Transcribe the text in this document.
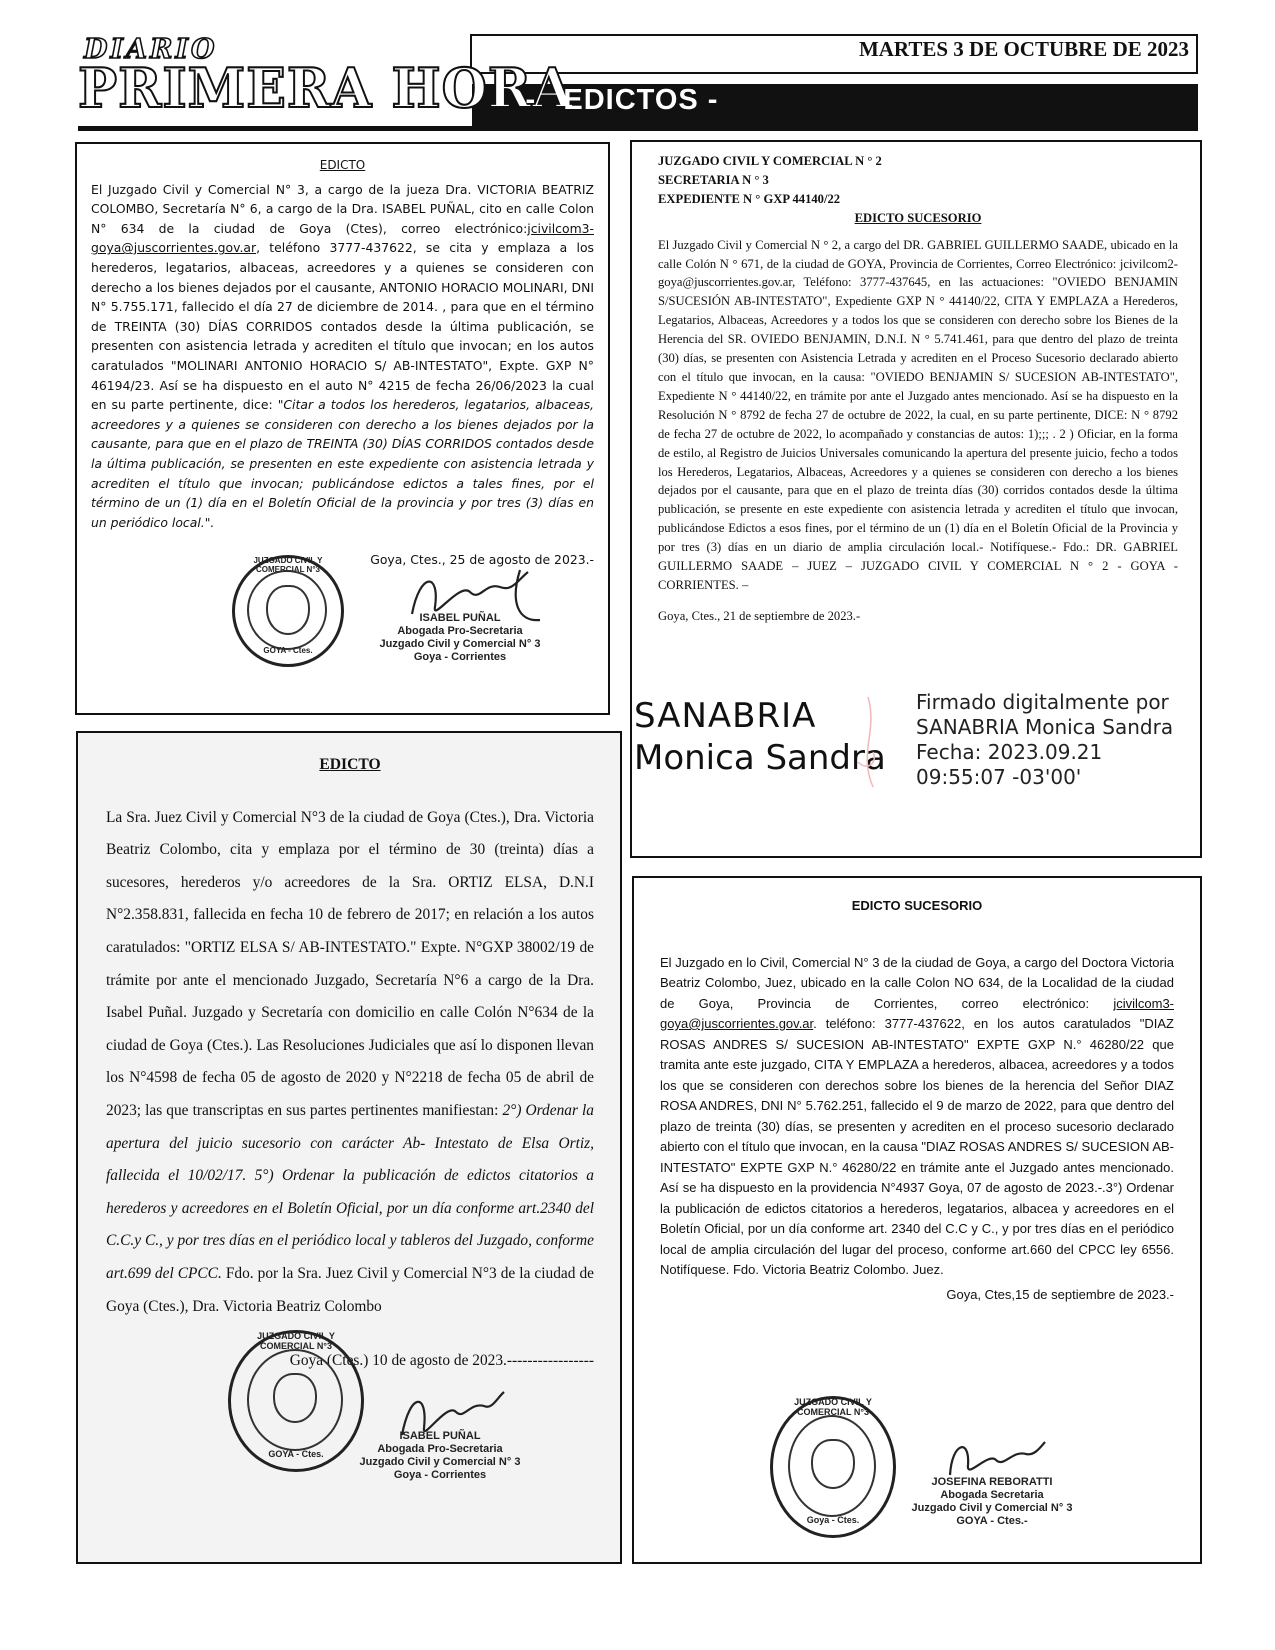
DIARIO
PRIMERA HORA
MARTES 3 DE OCTUBRE DE 2023
-   EDICTOS -

EDICTO

El Juzgado Civil y Comercial N° 3, a cargo de la jueza Dra. VICTORIA BEATRIZ COLOMBO, Secretaría N° 6, a cargo de la Dra. ISABEL PUÑAL, cito en calle Colon N° 634 de la ciudad de Goya (Ctes), correo electrónico:jcivilcom3-goya@juscorrientes.gov.ar, teléfono 3777-437622, se cita y emplaza a los herederos, legatarios, albaceas, acreedores y a quienes se consideren con derecho a los bienes dejados por el causante, ANTONIO HORACIO MOLINARI, DNI N° 5.755.171, fallecido el día 27 de diciembre de 2014. , para que en el término de TREINTA (30) DÍAS CORRIDOS contados desde la última publicación, se presenten con asistencia letrada y acrediten el título que invocan; en los autos caratulados "MOLINARI ANTONIO HORACIO S/ AB-INTESTATO", Expte. GXP N° 46194/23. Así se ha dispuesto en el auto N° 4215 de fecha 26/06/2023 la cual en su parte pertinente, dice: "Citar a todos los herederos, legatarios, albaceas, acreedores y a quienes se consideren con derecho a los bienes dejados por la causante, para que en el plazo de TREINTA (30) DÍAS CORRIDOS contados desde la última publicación, se presenten en este expediente con asistencia letrada y acrediten el título que invocan; publicándose edictos a tales fines, por el término de un (1) día en el Boletín Oficial de la provincia y por tres (3) días en un periódico local.".

Goya, Ctes., 25 de agosto de 2023.-

JUZGADO CIVIL Y COMERCIAL N°3
GOYA - Ctes.
ISABEL PUÑAL
Abogada Pro-Secretaria
Juzgado Civil y Comercial N° 3
Goya - Corrientes
JUZGADO CIVIL Y COMERCIAL N ° 2
SECRETARIA N ° 3
EXPEDIENTE N ° GXP 44140/22

EDICTO SUCESORIO

El Juzgado Civil y Comercial N ° 2, a cargo del DR. GABRIEL GUILLERMO SAADE, ubicado en la calle Colón N ° 671, de la ciudad de GOYA, Provincia de Corrientes, Correo Electrónico: jcivilcom2-goya@juscorrientes.gov.ar, Teléfono: 3777-437645, en las actuaciones: "OVIEDO BENJAMIN S/SUCESIÓN AB-INTESTATO", Expediente GXP N ° 44140/22, CITA Y EMPLAZA a Herederos, Legatarios, Albaceas, Acreedores y a todos los que se consideren con derecho sobre los Bienes de la Herencia del SR. OVIEDO BENJAMIN, D.N.I. N ° 5.741.461, para que dentro del plazo de treinta (30) días, se presenten con Asistencia Letrada y acrediten en el Proceso Sucesorio declarado abierto con el título que invocan, en la causa: "OVIEDO BENJAMIN S/ SUCESION AB-INTESTATO", Expediente N ° 44140/22, en trámite por ante el Juzgado antes mencionado. Así se ha dispuesto en la Resolución N ° 8792 de fecha 27 de octubre de 2022, la cual, en su parte pertinente, DICE: N ° 8792 de fecha 27 de octubre de 2022, lo acompañado y constancias de autos: 1);;; . 2 ) Oficiar, en la forma de estilo, al Registro de Juicios Universales comunicando la apertura del presente juicio, fecho a todos los Herederos, Legatarios, Albaceas, Acreedores y a quienes se consideren con derecho a los bienes dejados por el causante, para que en el plazo de treinta días (30) corridos contados desde la última publicación, se presente en este expediente con asistencia letrada y acrediten el título que invocan, publicándose Edictos a esos fines, por el término de un (1) día en el Boletín Oficial de la Provincia y por tres (3) días en un diario de amplia circulación local.- Notifíquese.- Fdo.: DR. GABRIEL GUILLERMO SAADE – JUEZ – JUZGADO CIVIL Y COMERCIAL N ° 2 - GOYA - CORRIENTES. –

Goya, Ctes., 21 de septiembre de 2023.-

SANABRIA
Monica Sandra
Firmado digitalmente por
SANABRIA Monica Sandra
Fecha: 2023.09.21
09:55:07 -03'00'

EDICTO

La Sra. Juez Civil y Comercial N°3 de la ciudad de Goya (Ctes.), Dra. Victoria Beatriz Colombo, cita y emplaza por el término de 30 (treinta) días a sucesores, herederos y/o acreedores de la Sra. ORTIZ ELSA, D.N.I N°2.358.831, fallecida en fecha 10 de febrero de 2017; en relación a los autos caratulados: "ORTIZ ELSA S/ AB-INTESTATO." Expte. N°GXP 38002/19 de trámite por ante el mencionado Juzgado, Secretaría N°6 a cargo de la Dra. Isabel Puñal. Juzgado y Secretaría con domicilio en calle Colón N°634 de la ciudad de Goya (Ctes.). Las Resoluciones Judiciales que así lo disponen llevan los N°4598 de fecha 05 de agosto de 2020 y N°2218 de fecha 05 de abril de 2023; las que transcriptas en sus partes pertinentes manifiestan: 2°) Ordenar la apertura del juicio sucesorio con carácter Ab- Intestato de Elsa Ortiz, fallecida el 10/02/17. 5°) Ordenar la publicación de edictos citatorios a herederos y acreedores en el Boletín Oficial, por un día conforme art.2340 del C.C.y C., y por tres días en el periódico local y tableros del Juzgado, conforme art.699 del CPCC. Fdo. por la Sra. Juez Civil y Comercial N°3 de la ciudad de Goya (Ctes.), Dra. Victoria Beatriz Colombo

Goya (Ctes.) 10 de agosto de 2023.-----------------

JUZGADO CIVIL Y COMERCIAL N°3
GOYA - Ctes.
ISABEL PUÑAL
Abogada Pro-Secretaria
Juzgado Civil y Comercial N° 3
Goya - Corrientes

EDICTO SUCESORIO

El Juzgado en lo Civil, Comercial N° 3 de la ciudad de Goya, a cargo del Doctora Victoria Beatriz Colombo, Juez, ubicado en la calle Colon NO 634, de la Localidad de la ciudad de Goya, Provincia de Corrientes, correo electrónico: jcivilcom3-goya@juscorrientes.gov.ar. teléfono: 3777-437622, en los autos caratulados "DIAZ ROSAS ANDRES S/ SUCESION AB-INTESTATO" EXPTE GXP N.° 46280/22 que tramita ante este juzgado, CITA Y EMPLAZA a herederos, albacea, acreedores y a todos los que se consideren con derechos sobre los bienes de la herencia del Señor DIAZ ROSA ANDRES, DNI N° 5.762.251, fallecido el 9 de marzo de 2022, para que dentro del plazo de treinta (30) días, se presenten y acrediten en el proceso sucesorio declarado abierto con el título que invocan, en la causa "DIAZ ROSAS ANDRES S/ SUCESION AB-INTESTATO" EXPTE GXP N.° 46280/22 en trámite ante el Juzgado antes mencionado. Así se ha dispuesto en la providencia N°4937 Goya, 07 de agosto de 2023.-.3°) Ordenar la publicación de edictos citatorios a herederos, legatarios, albacea y acreedores en el Boletín Oficial, por un día conforme art. 2340 del C.C y C., y por tres días en el periódico local de amplia circulación del lugar del proceso, conforme art.660 del CPCC ley 6556. Notifíquese. Fdo. Victoria Beatriz Colombo. Juez.

Goya, Ctes,15 de septiembre de 2023.-

JUZGADO CIVIL Y COMERCIAL N°3
Goya - Ctes.
JOSEFINA REBORATTI
Abogada Secretaria
Juzgado Civil y Comercial N° 3
GOYA - Ctes.-
